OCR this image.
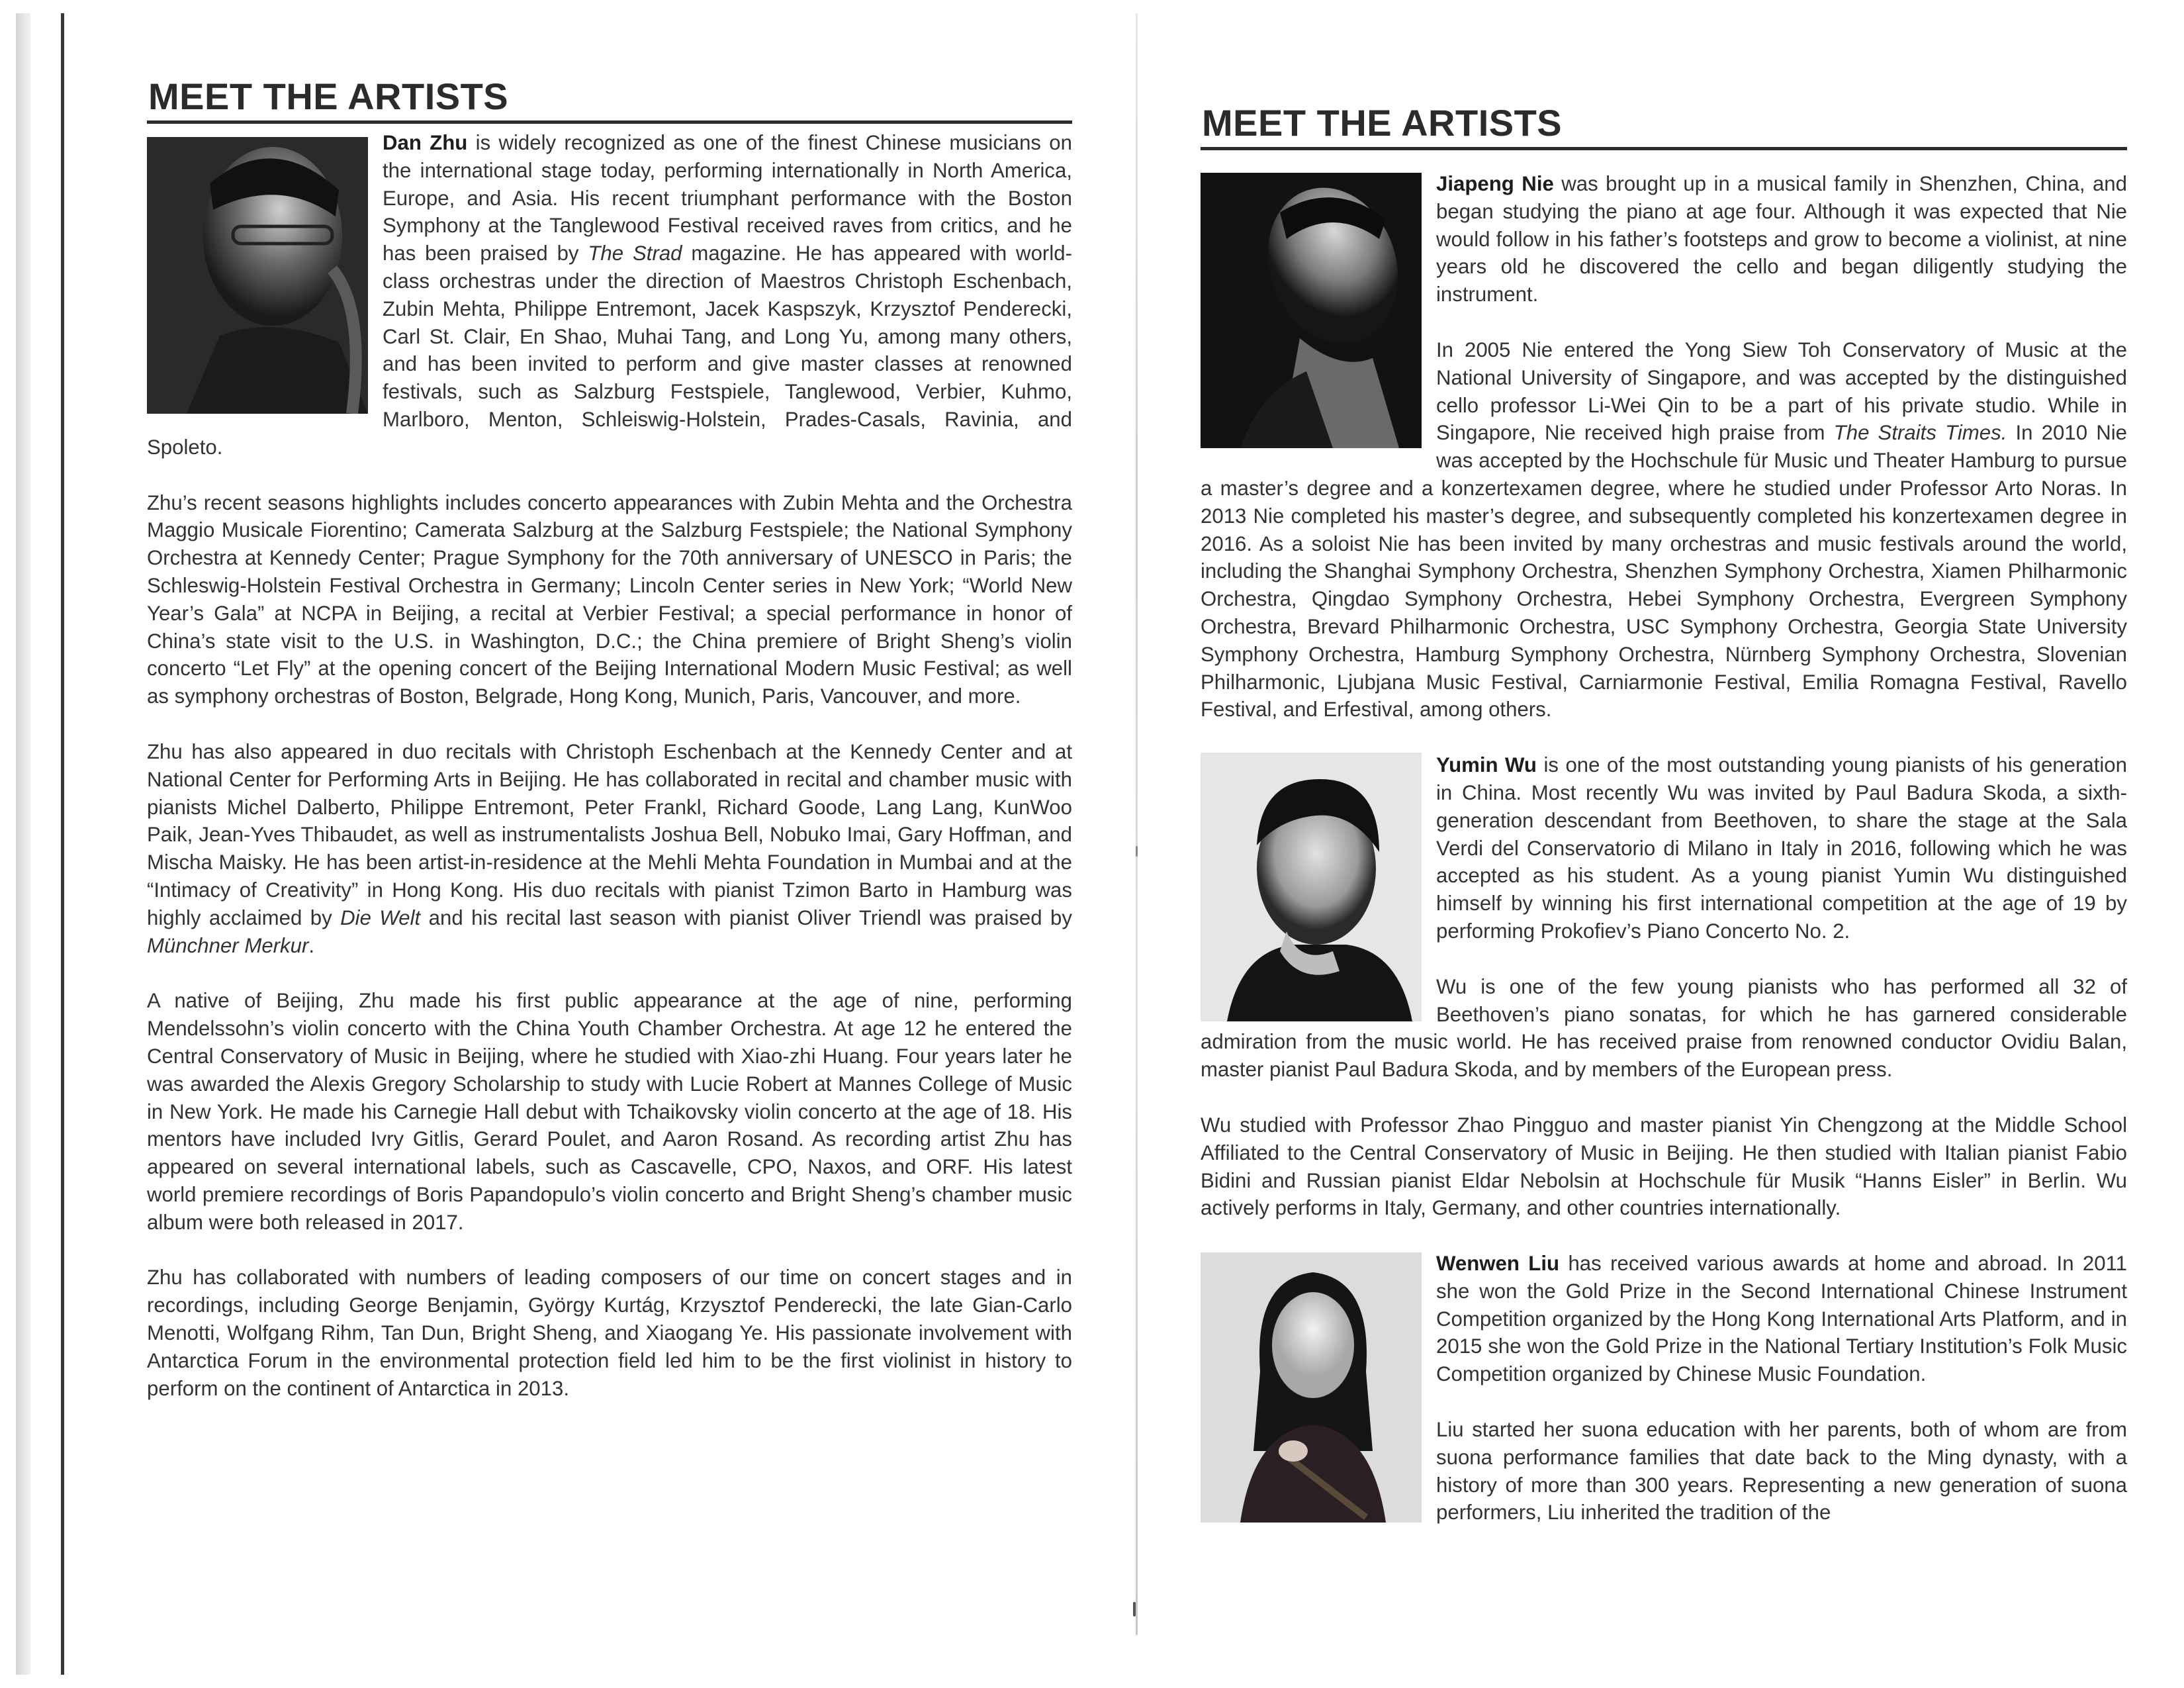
MEET THE ARTISTS

Dan Zhu is widely recognized as one of the finest Chinese musicians on the international stage today, performing internationally in North America, Europe, and Asia. His recent triumphant performance with the Boston Symphony at the Tanglewood Festival received raves from critics, and he has been praised by The Strad magazine. He has appeared with world-class orchestras under the direction of Maestros Christoph Eschenbach, Zubin Mehta, Philippe Entremont, Jacek Kaspszyk, Krzysztof Penderecki, Carl St. Clair, En Shao, Muhai Tang, and Long Yu, among many others, and has been invited to perform and give master classes at renowned festivals, such as Salzburg Festspiele, Tanglewood, Verbier, Kuhmo, Marlboro, Menton, Schleiswig-Holstein, Prades-Casals, Ravinia, and Spoleto.

Zhu’s recent seasons highlights includes concerto appearances with Zubin Mehta and the Orchestra Maggio Musicale Fiorentino; Camerata Salzburg at the Salzburg Festspiele; the National Symphony Orchestra at Kennedy Center; Prague Symphony for the 70th anniversary of UNESCO in Paris; the Schleswig-Holstein Festival Orchestra in Germany; Lincoln Center series in New York; “World New Year’s Gala” at NCPA in Beijing, a recital at Verbier Festival; a special performance in honor of China’s state visit to the U.S. in Washington, D.C.; the China premiere of Bright Sheng’s violin concerto “Let Fly” at the opening concert of the Beijing International Modern Music Festival; as well as symphony orchestras of Boston, Belgrade, Hong Kong, Munich, Paris, Vancouver, and more.

Zhu has also appeared in duo recitals with Christoph Eschenbach at the Kennedy Center and at National Center for Performing Arts in Beijing. He has collaborated in recital and chamber music with pianists Michel Dalberto, Philippe Entremont, Peter Frankl, Richard Goode, Lang Lang, KunWoo Paik, Jean-Yves Thibaudet, as well as instrumentalists Joshua Bell, Nobuko Imai, Gary Hoffman, and Mischa Maisky. He has been artist-in-residence at the Mehli Mehta Foundation in Mumbai and at the “Intimacy of Creativity” in Hong Kong. His duo recitals with pianist Tzimon Barto in Hamburg was highly acclaimed by Die Welt and his recital last season with pianist Oliver Triendl was praised by Münchner Merkur.

A native of Beijing, Zhu made his first public appearance at the age of nine, performing Mendelssohn’s violin concerto with the China Youth Chamber Orchestra. At age 12 he entered the Central Conservatory of Music in Beijing, where he studied with Xiao-zhi Huang. Four years later he was awarded the Alexis Gregory Scholarship to study with Lucie Robert at Mannes College of Music in New York. He made his Carnegie Hall debut with Tchaikovsky violin concerto at the age of 18. His mentors have included Ivry Gitlis, Gerard Poulet, and Aaron Rosand. As recording artist Zhu has appeared on several international labels, such as Cascavelle, CPO, Naxos, and ORF. His latest world premiere recordings of Boris Papandopulo’s violin concerto and Bright Sheng’s chamber music album were both released in 2017.

Zhu has collaborated with numbers of leading composers of our time on concert stages and in recordings, including George Benjamin, György Kurtág, Krzysztof Penderecki, the late Gian-Carlo Menotti, Wolfgang Rihm, Tan Dun, Bright Sheng, and Xiaogang Ye. His passionate involvement with Antarctica Forum in the environmental protection field led him to be the first violinist in history to perform on the continent of Antarctica in 2013.

MEET THE ARTISTS

Jiapeng Nie was brought up in a musical family in Shenzhen, China, and began studying the piano at age four. Although it was expected that Nie would follow in his father’s footsteps and grow to become a violinist, at nine years old he discovered the cello and began diligently studying the instrument.

In 2005 Nie entered the Yong Siew Toh Conservatory of Music at the National University of Singapore, and was accepted by the distinguished cello professor Li-Wei Qin to be a part of his private studio. While in Singapore, Nie received high praise from The Straits Times. In 2010 Nie was accepted by the Hochschule für Music und Theater Hamburg to pursue a master’s degree and a konzertexamen degree, where he studied under Professor Arto Noras. In 2013 Nie completed his master’s degree, and subsequently completed his konzertexamen degree in 2016. As a soloist Nie has been invited by many orchestras and music festivals around the world, including the Shanghai Symphony Orchestra, Shenzhen Symphony Orchestra, Xiamen Philharmonic Orchestra, Qingdao Symphony Orchestra, Hebei Symphony Orchestra, Evergreen Symphony Orchestra, Brevard Philharmonic Orchestra, USC Symphony Orchestra, Georgia State University Symphony Orchestra, Hamburg Symphony Orchestra, Nürnberg Symphony Orchestra, Slovenian Philharmonic, Ljubjana Music Festival, Carniarmonie Festival, Emilia Romagna Festival, Ravello Festival, and Erfestival, among others.

Yumin Wu is one of the most outstanding young pianists of his generation in China. Most recently Wu was invited by Paul Badura Skoda, a sixth-generation descendant from Beethoven, to share the stage at the Sala Verdi del Conservatorio di Milano in Italy in 2016, following which he was accepted as his student. As a young pianist Yumin Wu distinguished himself by winning his first international competition at the age of 19 by performing Prokofiev’s Piano Concerto No. 2.

Wu is one of the few young pianists who has performed all 32 of Beethoven’s piano sonatas, for which he has garnered considerable admiration from the music world. He has received praise from renowned conductor Ovidiu Balan, master pianist Paul Badura Skoda, and by members of the European press.

Wu studied with Professor Zhao Pingguo and master pianist Yin Chengzong at the Middle School Affiliated to the Central Conservatory of Music in Beijing. He then studied with Italian pianist Fabio Bidini and Russian pianist Eldar Nebolsin at Hochschule für Musik “Hanns Eisler” in Berlin. Wu actively performs in Italy, Germany, and other countries internationally.

Wenwen Liu has received various awards at home and abroad. In 2011 she won the Gold Prize in the Second International Chinese Instrument Competition organized by the Hong Kong International Arts Platform, and in 2015 she won the Gold Prize in the National Tertiary Institution’s Folk Music Competition organized by Chinese Music Foundation.

Liu started her suona education with her parents, both of whom are from suona performance families that date back to the Ming dynasty, with a history of more than 300 years. Representing a new generation of suona performers, Liu inherited the tradition of the
